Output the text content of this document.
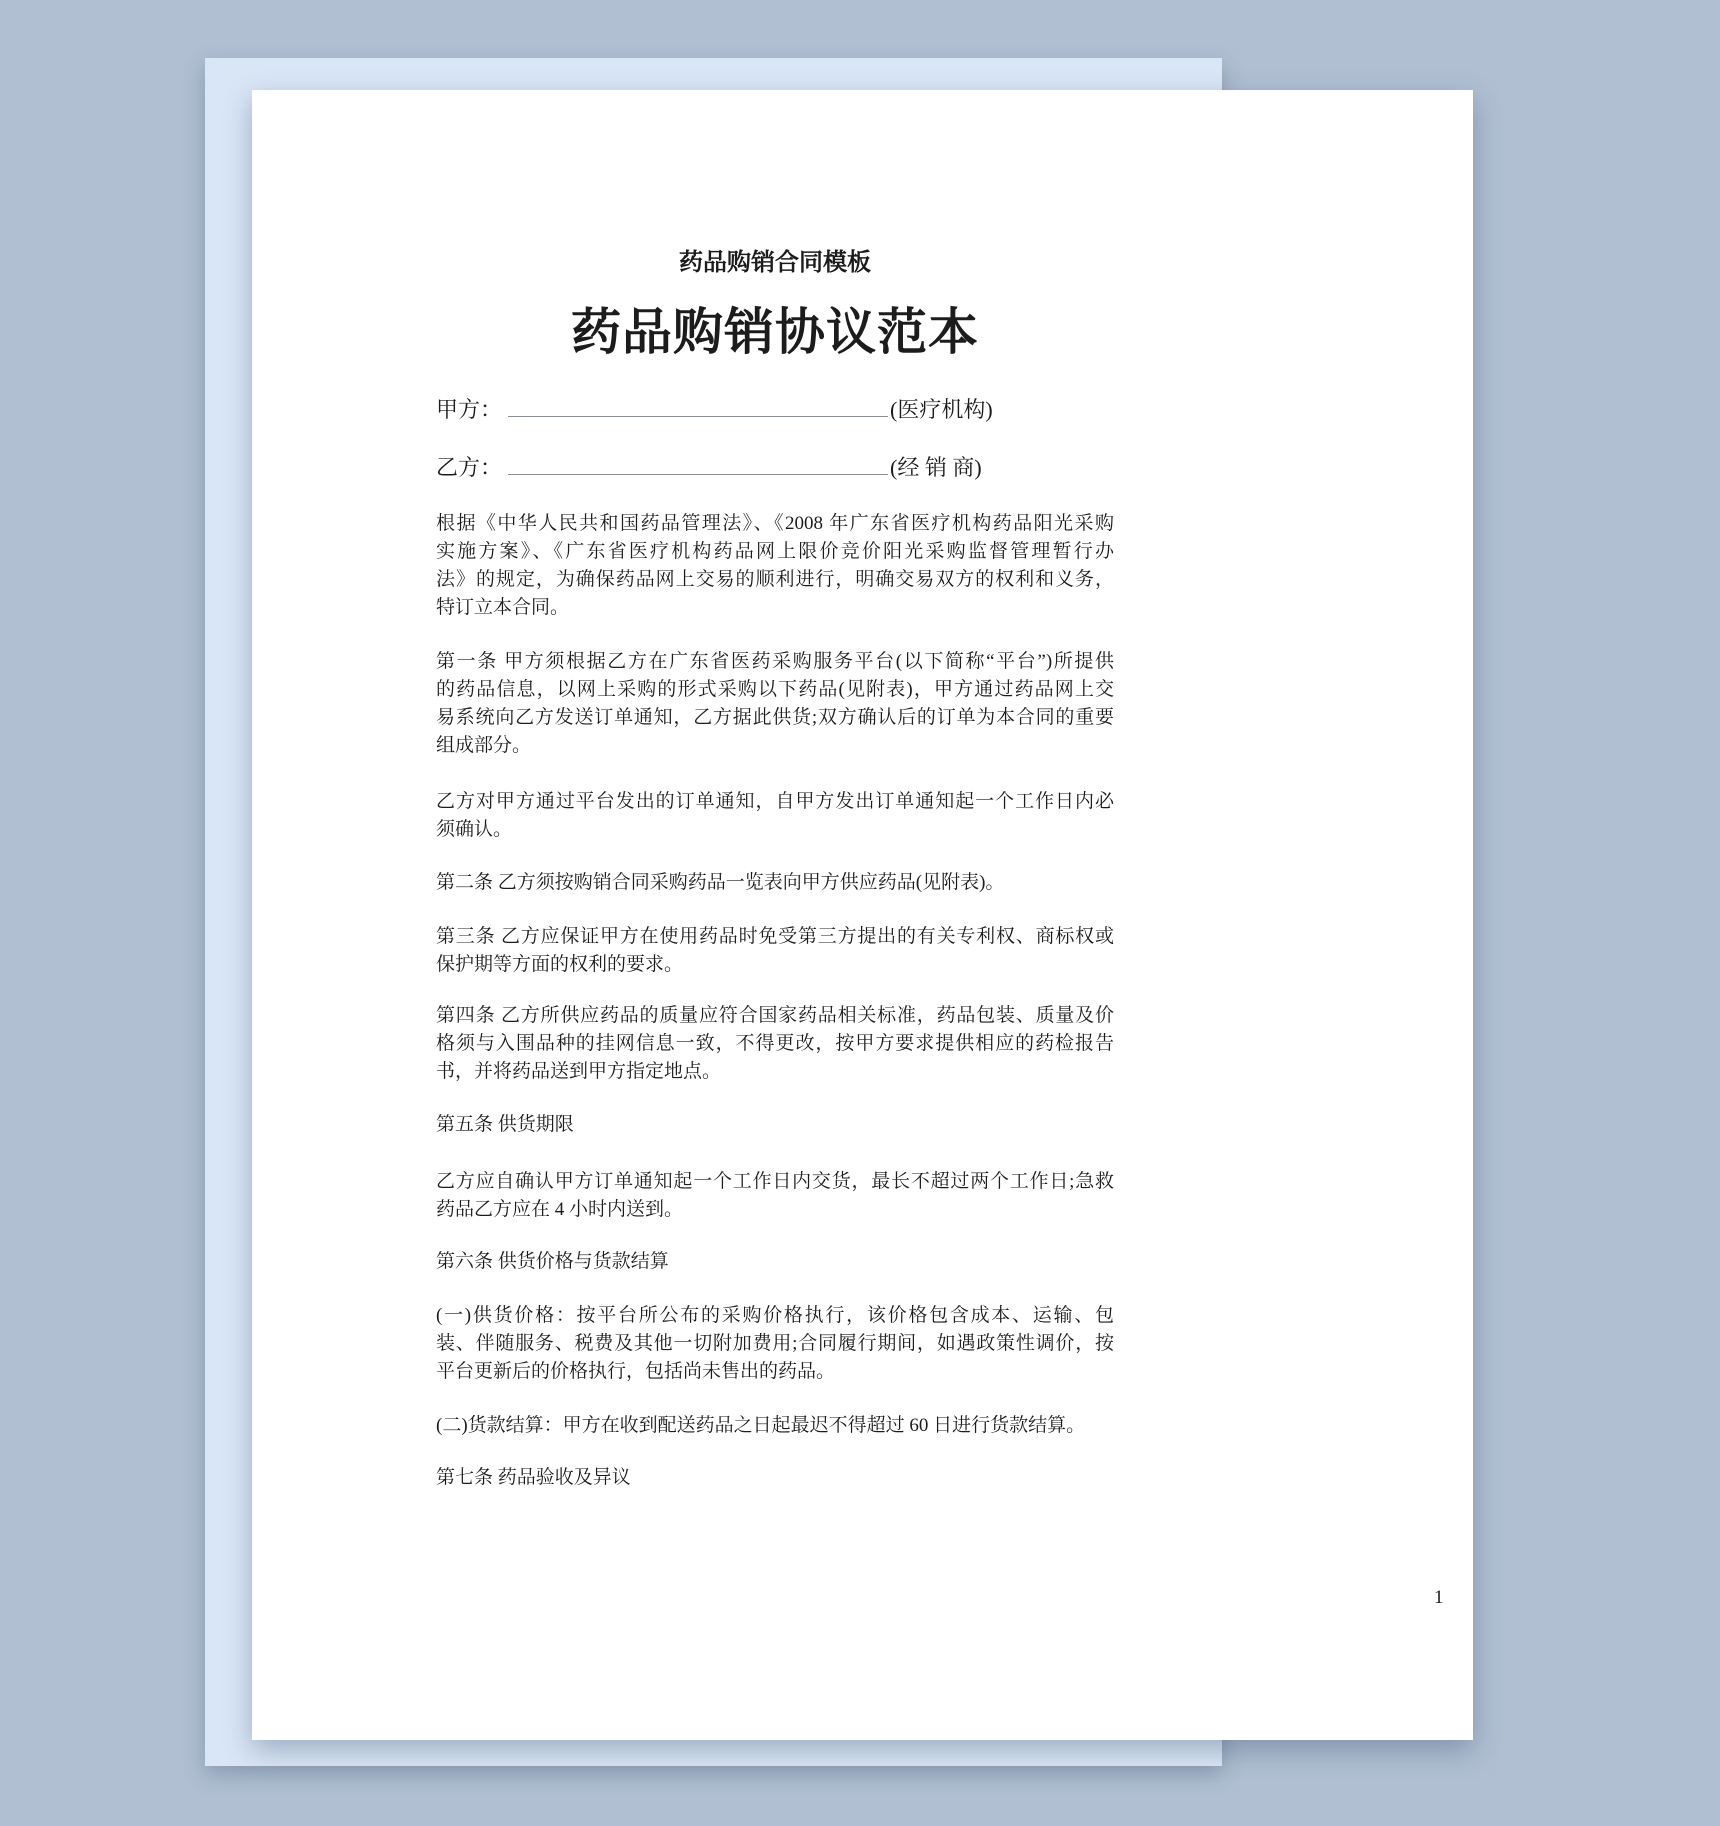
药品购销合同模板
药品购销协议范本
甲方：	(医疗机构)
乙方：	(经 销 商)
根据《中华人民共和国药品管理法》、《2008 年广东省医疗机构药品阳光采购
实施方案》、《广东省医疗机构药品网上限价竞价阳光采购监督管理暂行办
法》的规定，为确保药品网上交易的顺利进行，明确交易双方的权利和义务，
特订立本合同。
第一条 甲方须根据乙方在广东省医药采购服务平台(以下简称“平台”)所提供
的药品信息，以网上采购的形式采购以下药品(见附表)，甲方通过药品网上交
易系统向乙方发送订单通知，乙方据此供货;双方确认后的订单为本合同的重要
组成部分。
乙方对甲方通过平台发出的订单通知，自甲方发出订单通知起一个工作日内必
须确认。
第二条 乙方须按购销合同采购药品一览表向甲方供应药品(见附表)。
第三条 乙方应保证甲方在使用药品时免受第三方提出的有关专利权、商标权或
保护期等方面的权利的要求。
第四条 乙方所供应药品的质量应符合国家药品相关标准，药品包装、质量及价
格须与入围品种的挂网信息一致，不得更改，按甲方要求提供相应的药检报告
书，并将药品送到甲方指定地点。
第五条 供货期限
乙方应自确认甲方订单通知起一个工作日内交货，最长不超过两个工作日;急救
药品乙方应在 4 小时内送到。
第六条 供货价格与货款结算
(一)供货价格：按平台所公布的采购价格执行，该价格包含成本、运输、包
装、伴随服务、税费及其他一切附加费用;合同履行期间，如遇政策性调价，按
平台更新后的价格执行，包括尚未售出的药品。
(二)货款结算：甲方在收到配送药品之日起最迟不得超过 60 日进行货款结算。
第七条 药品验收及异议
1
